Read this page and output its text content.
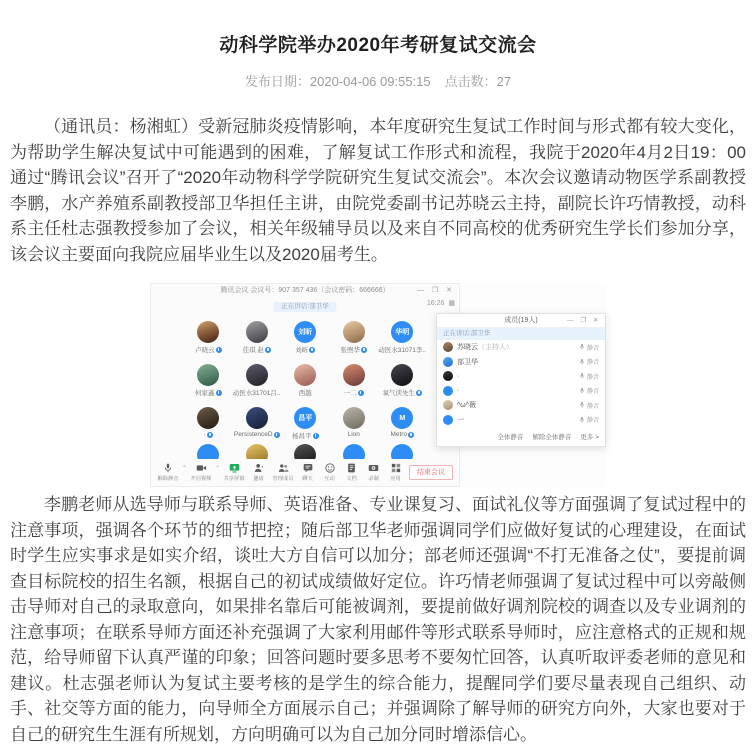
动科学院举办2020年考研复试交流会
发布日期：2020-04-06 09:55:15 点击数：27

（通讯员：杨湘虹）受新冠肺炎疫情影响，本年度研究生复试工作时间与形式都有较大变化，为帮助学生解决复试中可能遇到的困难，了解复试工作形式和流程，我院于2020年4月2日19：00通过“腾讯会议”召开了“2020年动物科学学院研究生复试交流会”。本次会议邀请动物医学系副教授李鹏，水产养殖系副教授部卫华担任主讲，由院党委副书记苏晓云主持，副院长许巧情教授，动科系主任杜志强教授参加了会议，相关年级辅导员以及来自不同高校的优秀研究生学长们参加分享，该会议主要面向我院应届毕业生以及2020届考生。

腾讯会议 会议号：907 357 436（会议密码：666666）	— ❐ ✕
16:26 ▦
正在讲话:部卫华
卢晓云	佳琪 赵
刘昕
刘昕	张煦华
华明
动医水31071李..
何家鑫	动医水31701吕..	西越	一二	氧气读先生
·	PersistenceD
昌平
杨昌平	Lion
M
Metro
解除静音
⌃
开启视频
⌃
共享屏幕 邀请 管理成员 聊天 互动 文档 录制 应用
结束会议
成员(19人)	— ❐ ✕
正在讲话:部卫华
苏晓云（主持人）	静音
部卫华	静音
·	静音
·	静音
^ω^薇	静音
一	静音
全体静音 解除全体静音 更多 >

李鹏老师从选导师与联系导师、英语准备、专业课复习、面试礼仪等方面强调了复试过程中的注意事项，强调各个环节的细节把控；随后部卫华老师强调同学们应做好复试的心理建设，在面试时学生应实事求是如实介绍，谈吐大方自信可以加分；部老师还强调“不打无准备之仗”，要提前调查目标院校的招生名额，根据自己的初试成绩做好定位。许巧情老师强调了复试过程中可以旁敲侧击导师对自己的录取意向，如果排名靠后可能被调剂，要提前做好调剂院校的调查以及专业调剂的注意事项；在联系导师方面还补充强调了大家利用邮件等形式联系导师时，应注意格式的正规和规范，给导师留下认真严谨的印象；回答问题时要多思考不要匆忙回答，认真听取评委老师的意见和建议。杜志强老师认为复试主要考核的是学生的综合能力，提醒同学们要尽量表现自己组织、动手、社交等方面的能力，向导师全方面展示自己；并强调除了解导师的研究方向外，大家也要对于自己的研究生生涯有所规划，方向明确可以为自己加分同时增添信心。
